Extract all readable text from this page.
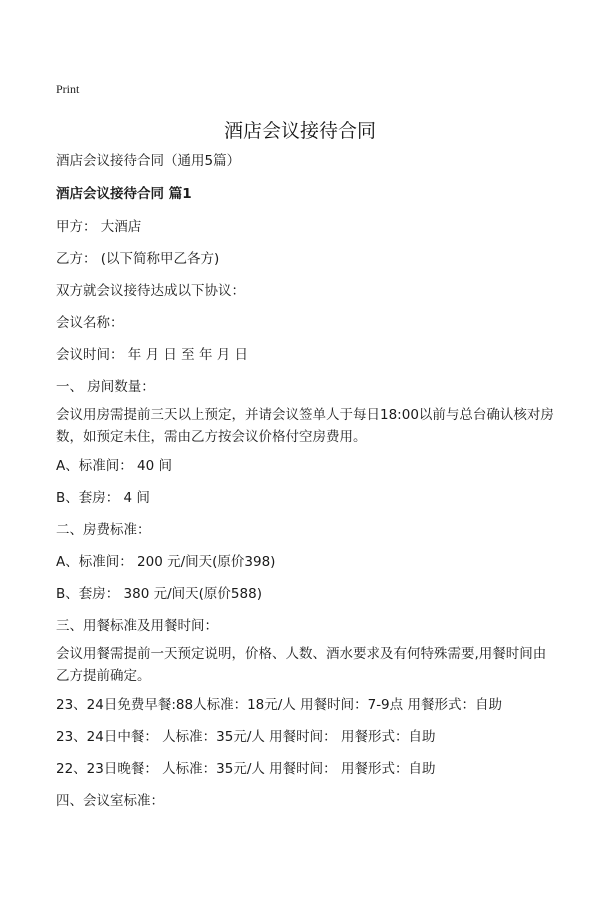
Print
酒店会议接待合同
酒店会议接待合同（通用5篇）
酒店会议接待合同 篇1
甲方： 大酒店
乙方： (以下简称甲乙各方)
双方就会议接待达成以下协议：
会议名称：
会议时间： 年 月 日 至 年 月 日
一、 房间数量：
会议用房需提前三天以上预定，并请会议签单人于每日18:00以前与总台确认核对房数，如预定未住，需由乙方按会议价格付空房费用。
A、标准间： 40 间
B、套房： 4 间
二、房费标准：
A、标准间： 200 元/间天(原价398)
B、套房： 380 元/间天(原价588)
三、用餐标准及用餐时间：
会议用餐需提前一天预定说明，价格、人数、酒水要求及有何特殊需要,用餐时间由乙方提前确定。
23、24日免费早餐:88人标准：18元/人 用餐时间：7-9点 用餐形式：自助
23、24日中餐： 人标准：35元/人 用餐时间： 用餐形式：自助
22、23日晚餐： 人标准：35元/人 用餐时间： 用餐形式：自助
四、会议室标准：
